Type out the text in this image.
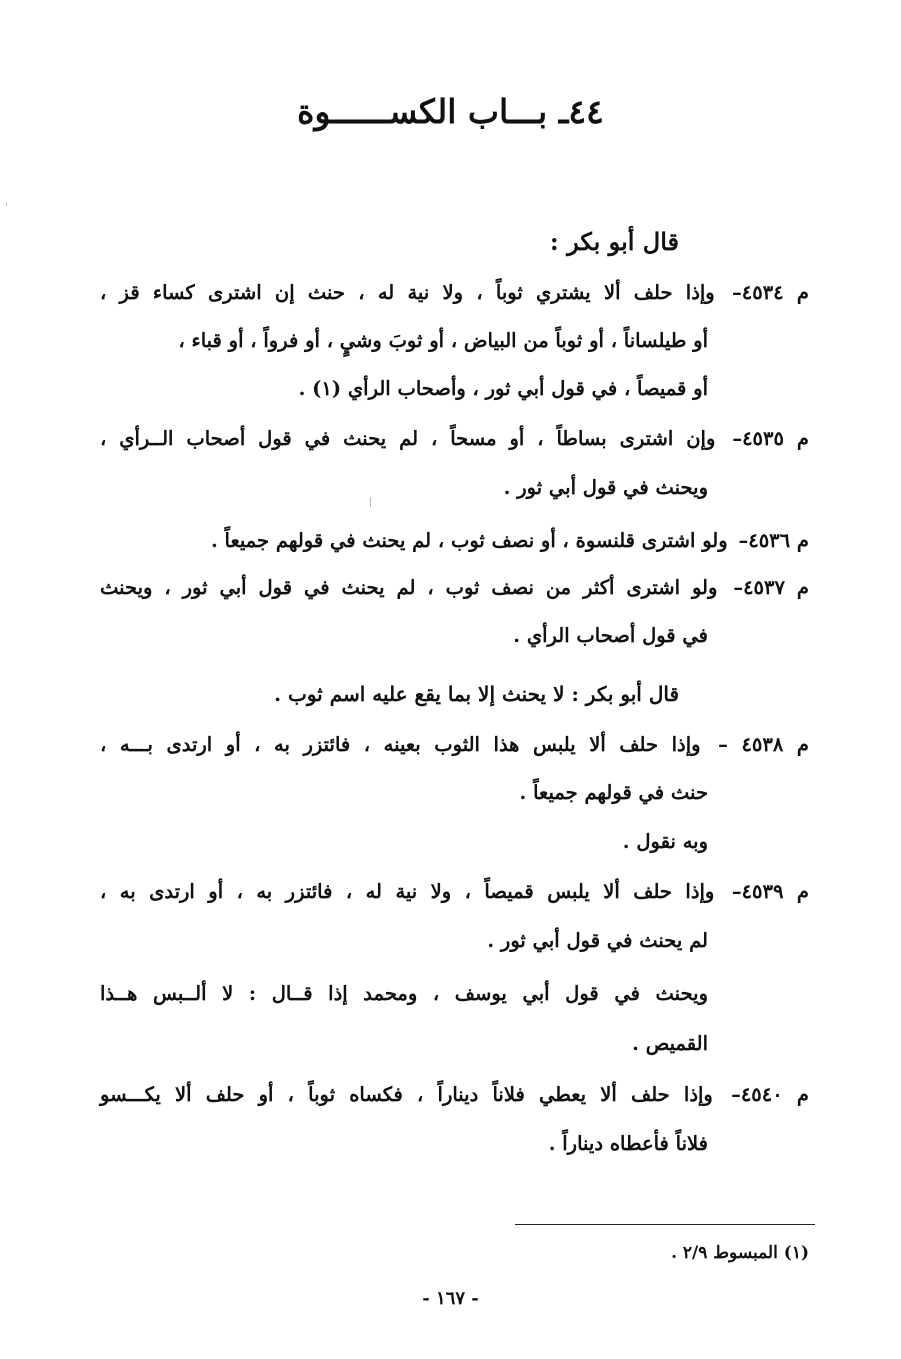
٤٤ـ بـــاب الكســــــوة
قال أبو بكر :
م ٤٥٣٤– وإذا حلف ألا يشتري ثوباً ، ولا نية له ، حنث إن اشترى كساء قز ،
أو طيلساناً ، أو ثوباً من البياض ، أو ثوبَ وشيٍ ، أو فرواً ، أو قباء ،
أو قميصاً ، في قول أبي ثور ، وأصحاب الرأي (١) .
م ٤٥٣٥– وإن اشترى بساطاً ، أو مسحاً ، لم يحنث في قول أصحاب الــرأي ،
ويحنث في قول أبي ثور .
م ٤٥٣٦– ولو اشترى قلنسوة ، أو نصف ثوب ، لم يحنث في قولهم جميعاً .
م ٤٥٣٧– ولو اشترى أكثر من نصف ثوب ، لم يحنث في قول أبي ثور ، ويحنث
في قول أصحاب الرأي .
قال أبو بكر : لا يحنث إلا بما يقع عليه اسم ثوب .
م ٤٥٣٨ – وإذا حلف ألا يلبس هذا الثوب بعينه ، فائتزر به ، أو ارتدى بـــه ،
حنث في قولهم جميعاً .
وبه نقول .
م ٤٥٣٩– وإذا حلف ألا يلبس قميصاً ، ولا نية له ، فائتزر به ، أو ارتدى به ،
لم يحنث في قول أبي ثور .
ويحنث في قول أبي يوسف ، ومحمد إذا قــال : لا ألــبس هــذا
القميص .
م ٤٥٤٠– وإذا حلف ألا يعطي فلاناً ديناراً ، فكساه ثوباً ، أو حلف ألا يكـــسو
فلاناً فأعطاه ديناراً .
(١) المبسوط ٢/٩ .
- ١٦٧ -
